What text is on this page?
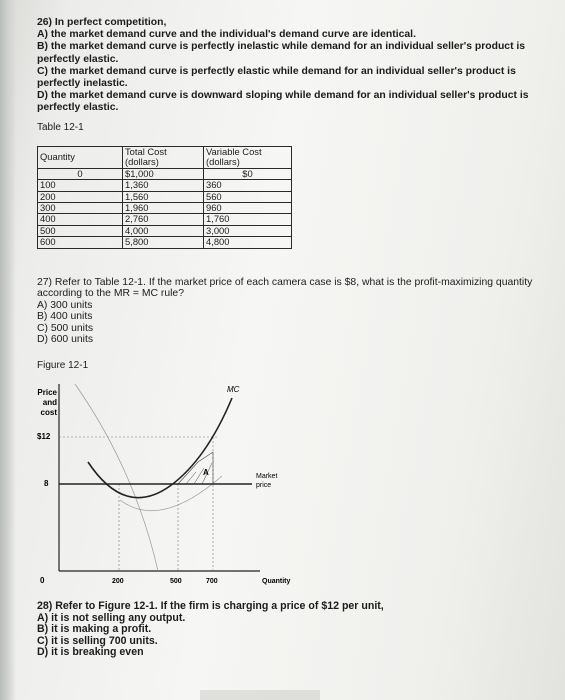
26) In perfect competition,

A) the market demand curve and the individual's demand curve are identical.

B) the market demand curve is perfectly inelastic while demand for an individual seller's product is perfectly elastic.

C) the market demand curve is perfectly elastic while demand for an individual seller's product is perfectly inelastic.

D) the market demand curve is downward sloping while demand for an individual seller's product is perfectly elastic.

Table 12-1
Quantity	Total Cost (dollars)	Variable Cost (dollars)
0	$1,000	$0
100	1,360	360
200	1,560	560
300	1,960	960
400	2,760	1,760
500	4,000	3,000
600	5,800	4,800

27) Refer to Table 12-1. If the market price of each camera case is $8, what is the profit-maximizing quantity according to the MR = MC rule?

A) 300 units

B) 400 units

C) 500 units

D) 600 units

Figure 12-1
Price
and
cost
$12
8
0
A
MC
Market
price
200	500	700	Quantity

28) Refer to Figure 12-1. If the firm is charging a price of $12 per unit,

A) it is not selling any output.

B) it is making a profit.

C) it is selling 700 units.

D) it is breaking even
